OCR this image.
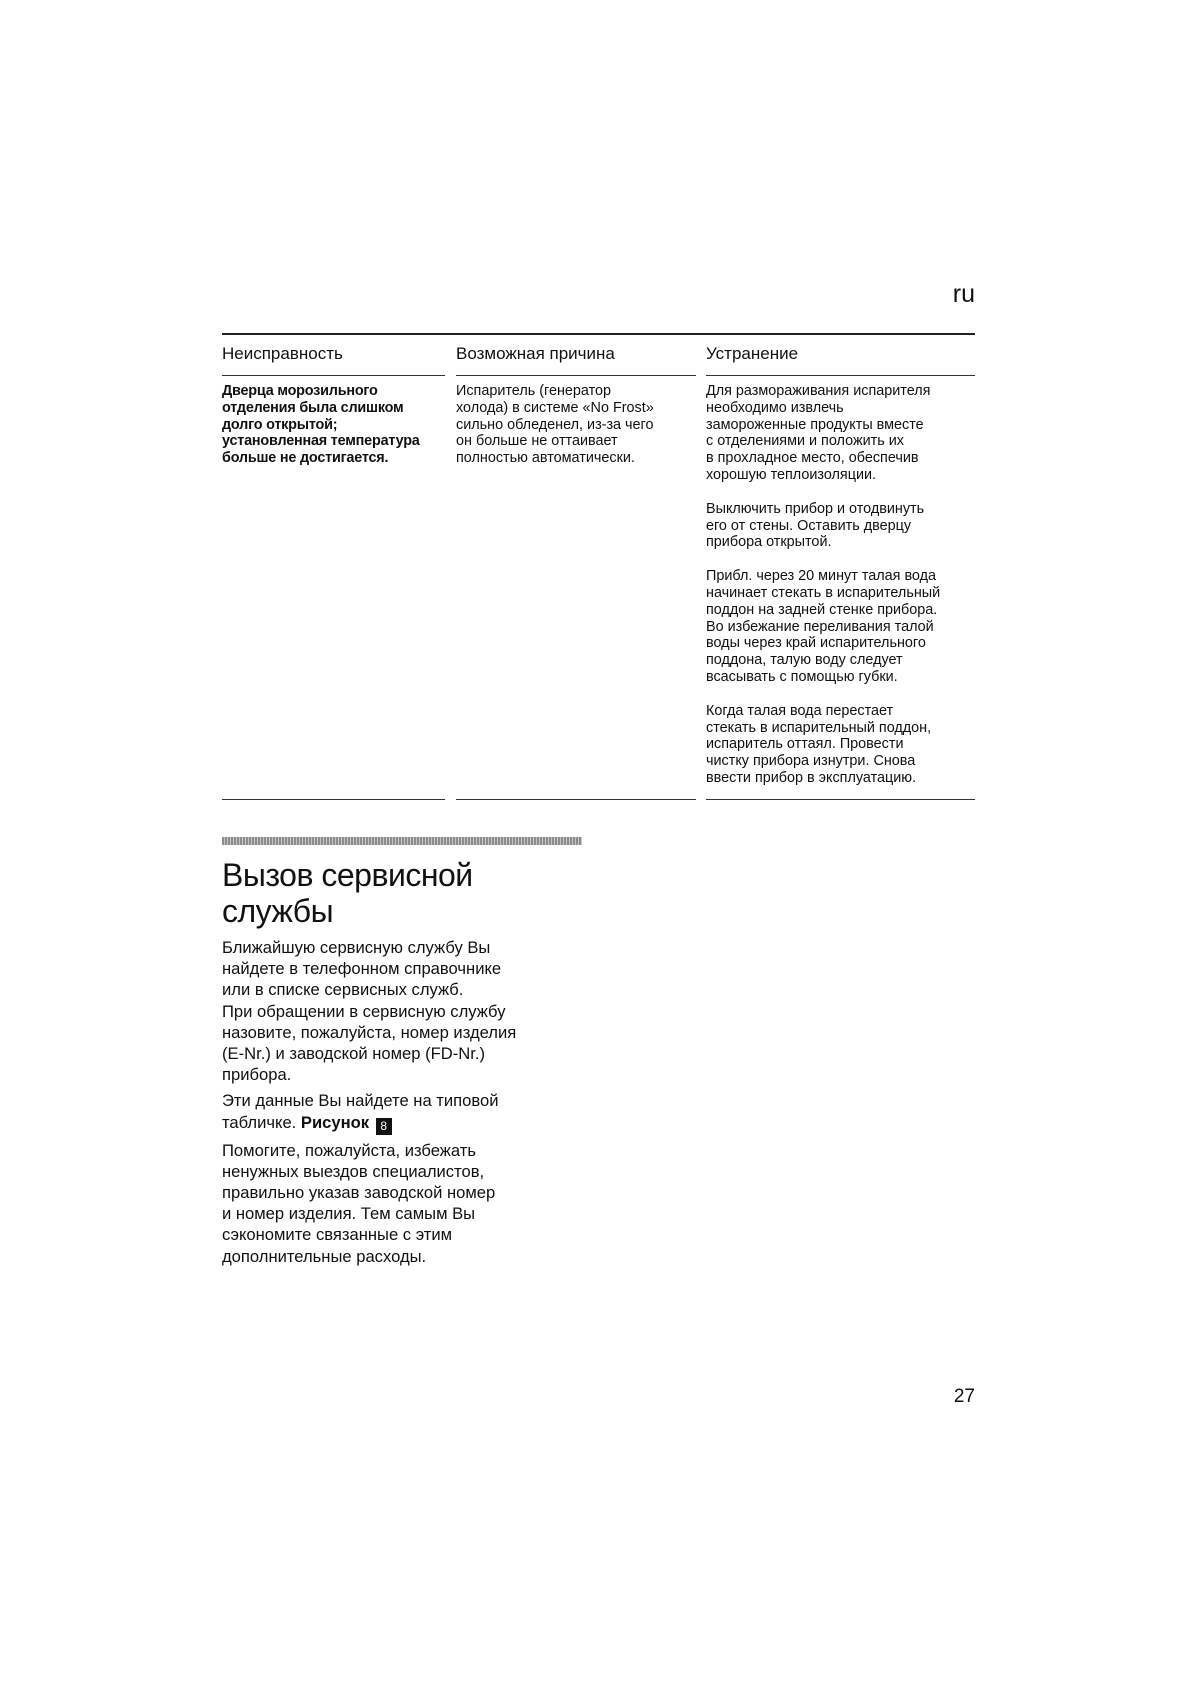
ru
Неисправность	Возможная причина	Устранение
Дверца морозильного
отделения была слишком
долго открытой;
установленная температура
больше не достигается.
Испаритель (генератор
холода) в системе «No Frost»
сильно обледенел, из-за чего
он больше не оттаивает
полностью автоматически.

Для размораживания испарителя
необходимо извлечь
замороженные продукты вместе
с отделениями и положить их
в прохладное место, обеспечив
хорошую теплоизоляции.

Выключить прибор и отодвинуть
его от стены. Оставить дверцу
прибора открытой.

Прибл. через 20 минут талая вода
начинает стекать в испарительный
поддон на задней стенке прибора.
Во избежание переливания талой
воды через край испарительного
поддона, талую воду следует
всасывать с помощью губки.

Когда талая вода перестает
стекать в испарительный поддон,
испаритель оттаял. Провести
чистку прибора изнутри. Снова
ввести прибор в эксплуатацию.

Вызов сервисной
службы

Ближайшую сервисную службу Вы
найдете в телефонном справочнике
или в списке сервисных служб.
При обращении в сервисную службу
назовите, пожалуйста, номер изделия
(E-Nr.) и заводской номер (FD-Nr.)
прибора.

Эти данные Вы найдете на типовой
табличке. Рисунок 8

Помогите, пожалуйста, избежать
ненужных выездов специалистов,
правильно указав заводской номер
и номер изделия. Тем самым Вы
сэкономите связанные с этим
дополнительные расходы.

27
